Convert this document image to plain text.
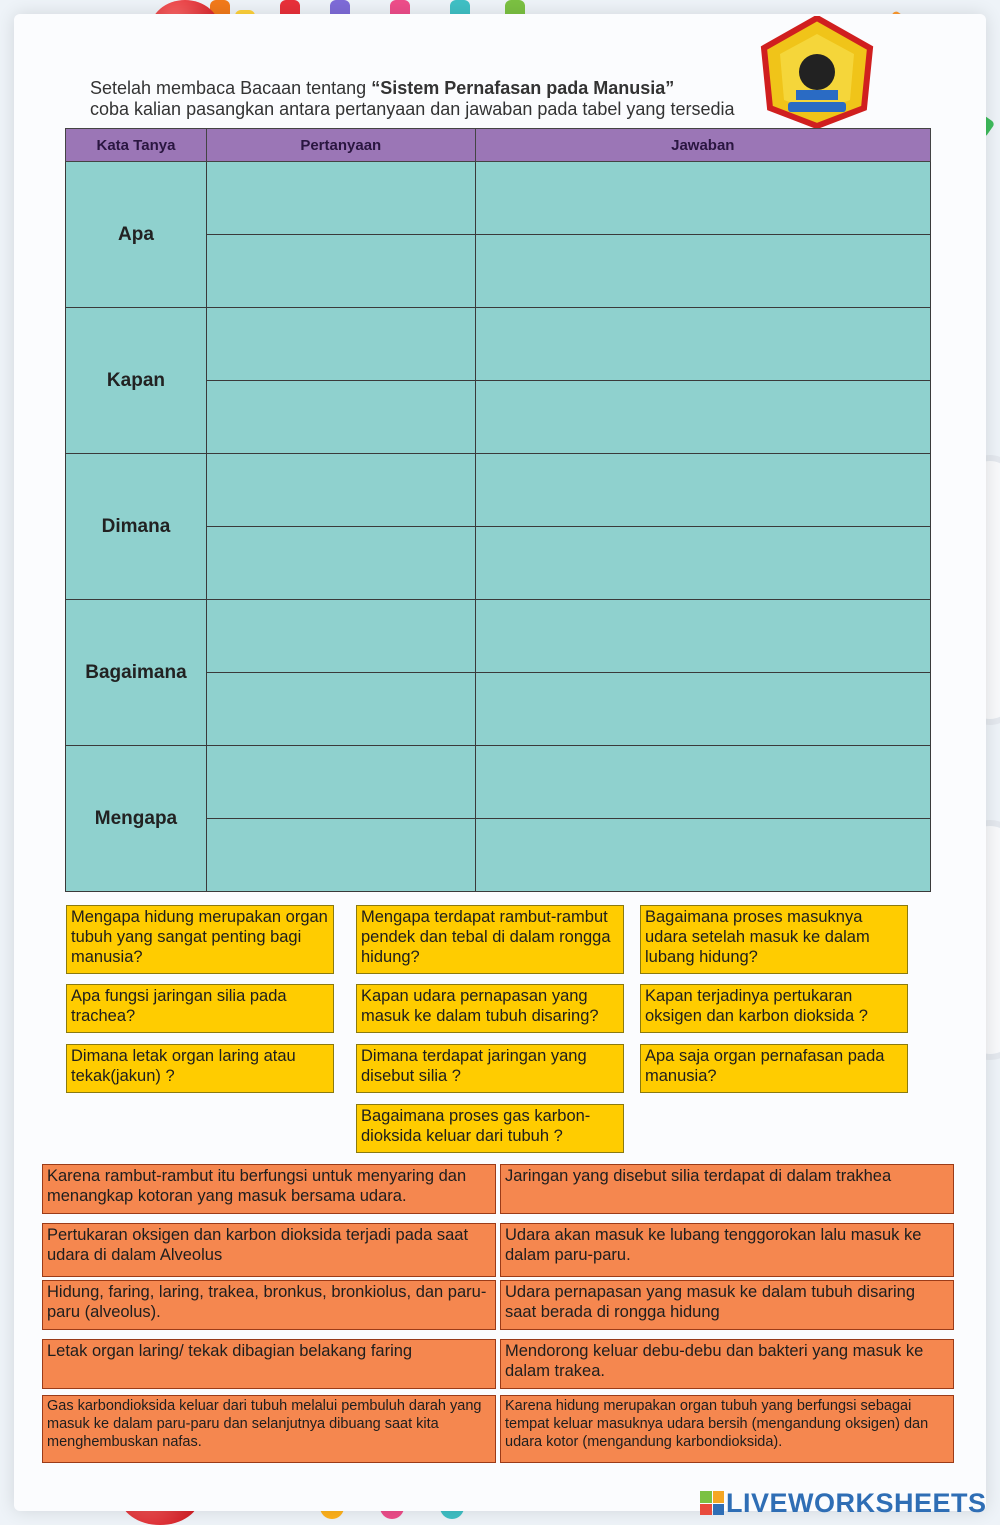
Setelah membaca Bacaan tentang “Sistem Pernafasan pada Manusia”
coba kalian pasangkan antara pertanyaan dan jawaban pada tabel yang tersedia
Kata Tanya	Pertanyaan	Jawaban
Apa		

Kapan		

Dimana		

Bagaimana		

Mengapa		

Mengapa hidung merupakan organ tubuh yang sangat penting bagi manusia?
Mengapa terdapat rambut-rambut pendek dan tebal di dalam rongga hidung?
Bagaimana proses masuknya udara setelah masuk ke dalam lubang hidung?
Apa fungsi jaringan silia pada trachea?
Kapan udara pernapasan yang masuk ke dalam tubuh disaring?
Kapan terjadinya pertukaran oksigen dan karbon dioksida ?
Dimana letak organ laring atau tekak(jakun) ?
Dimana terdapat jaringan yang disebut silia ?
Apa saja organ pernafasan pada manusia?
Bagaimana proses gas karbon-dioksida keluar dari tubuh ?
Karena rambut-rambut itu berfungsi untuk menyaring dan menangkap kotoran yang masuk bersama udara.
Jaringan yang disebut silia terdapat di dalam trakhea
Pertukaran oksigen dan karbon dioksida terjadi pada saat udara di dalam Alveolus
Udara akan masuk ke lubang tenggorokan lalu masuk ke dalam paru-paru.
Hidung, faring, laring, trakea, bronkus, bronkiolus, dan paru-paru (alveolus).
Udara pernapasan yang masuk ke dalam tubuh disaring saat berada di rongga hidung
Letak organ laring/ tekak dibagian belakang faring	Mendorong keluar debu-debu dan bakteri yang masuk ke dalam trakea.
Gas karbondioksida keluar dari tubuh melalui pembuluh darah yang masuk ke dalam paru-paru dan selanjutnya dibuang saat kita menghembuskan nafas.
Karena hidung merupakan organ tubuh yang berfungsi sebagai tempat keluar masuknya udara bersih (mengandung oksigen) dan udara kotor (mengandung karbondioksida).
LIVEWORKSHEETS
